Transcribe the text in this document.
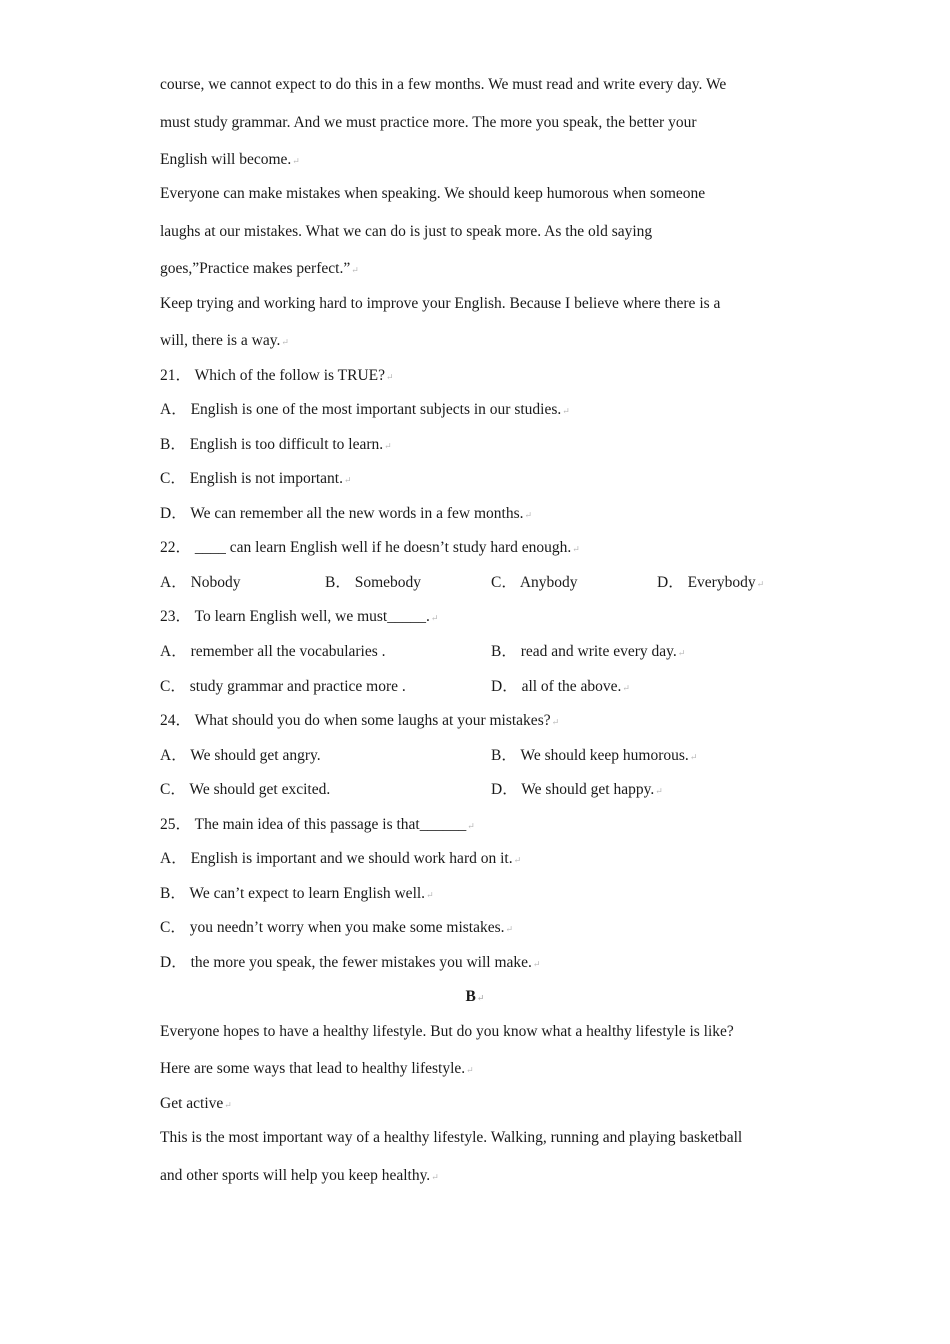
course, we cannot expect to do this in a few months. We must read and write every day. We
must study grammar. And we must practice more. The more you speak, the better your
English will become.↵
Everyone can make mistakes when speaking. We should keep humorous when someone
laughs at our mistakes. What we can do is just to speak more. As the old saying
goes,”Practice makes perfect.”↵
Keep trying and working hard to improve your English. Because I believe where there is a
will, there is a way.↵
21． Which of the follow is TRUE?↵
A． English is one of the most important subjects in our studies.↵
B． English is too difficult to learn.↵
C． English is not important.↵
D． We can remember all the new words in a few months.↵
22． ____ can learn English well if he doesn’t study hard enough.↵
A． Nobody	B． Somebody	C． Anybody	D． Everybody↵
23． To learn English well, we must_____.↵
A． remember all the vocabularies .	B． read and write every day.↵
C． study grammar and practice more .	D． all of the above.↵
24． What should you do when some laughs at your mistakes?↵
A． We should get angry.	B． We should keep humorous.↵
C． We should get excited.	D． We should get happy.↵
25． The main idea of this passage is that______↵
A． English is important and we should work hard on it.↵
B． We can’t expect to learn English well.↵
C． you needn’t worry when you make some mistakes.↵
D． the more you speak, the fewer mistakes you will make.↵
B↵
Everyone hopes to have a healthy lifestyle. But do you know what a healthy lifestyle is like?
Here are some ways that lead to healthy lifestyle.↵
Get active↵
This is the most important way of a healthy lifestyle. Walking, running and playing basketball
and other sports will help you keep healthy.↵
